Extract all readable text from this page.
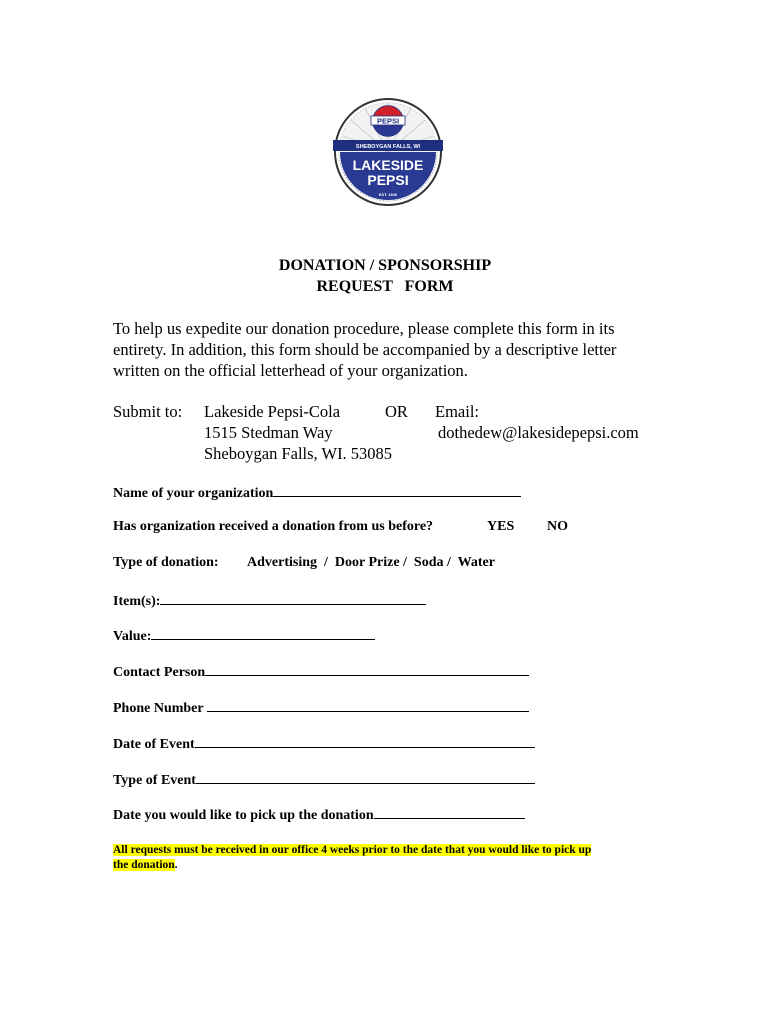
PEPSI
SHEBOYGAN FALLS, WI
LAKESIDE
PEPSI
EST. 1926
DONATION / SPONSORSHIP
REQUEST   FORM
To help us expedite our donation procedure, please complete this form in its
entirety. In addition, this form should be accompanied by a descriptive letter
written on the official letterhead of your organization.
Submit to: Lakeside Pepsi-Cola
1515 Stedman Way
Sheboygan Falls, WI. 53085
OR Email:
dothedew@lakesidepepsi.com
Name of your organization
Has organization received a donation from us before?	YES NO
Type of donation: Advertising  /  Door Prize /  Soda /  Water
Item(s):
Value:
Contact Person
Phone Number
Date of Event
Type of Event
Date you would like to pick up the donation
All requests must be received in our office 4 weeks prior to the date that you would like to pick up
the donation.
